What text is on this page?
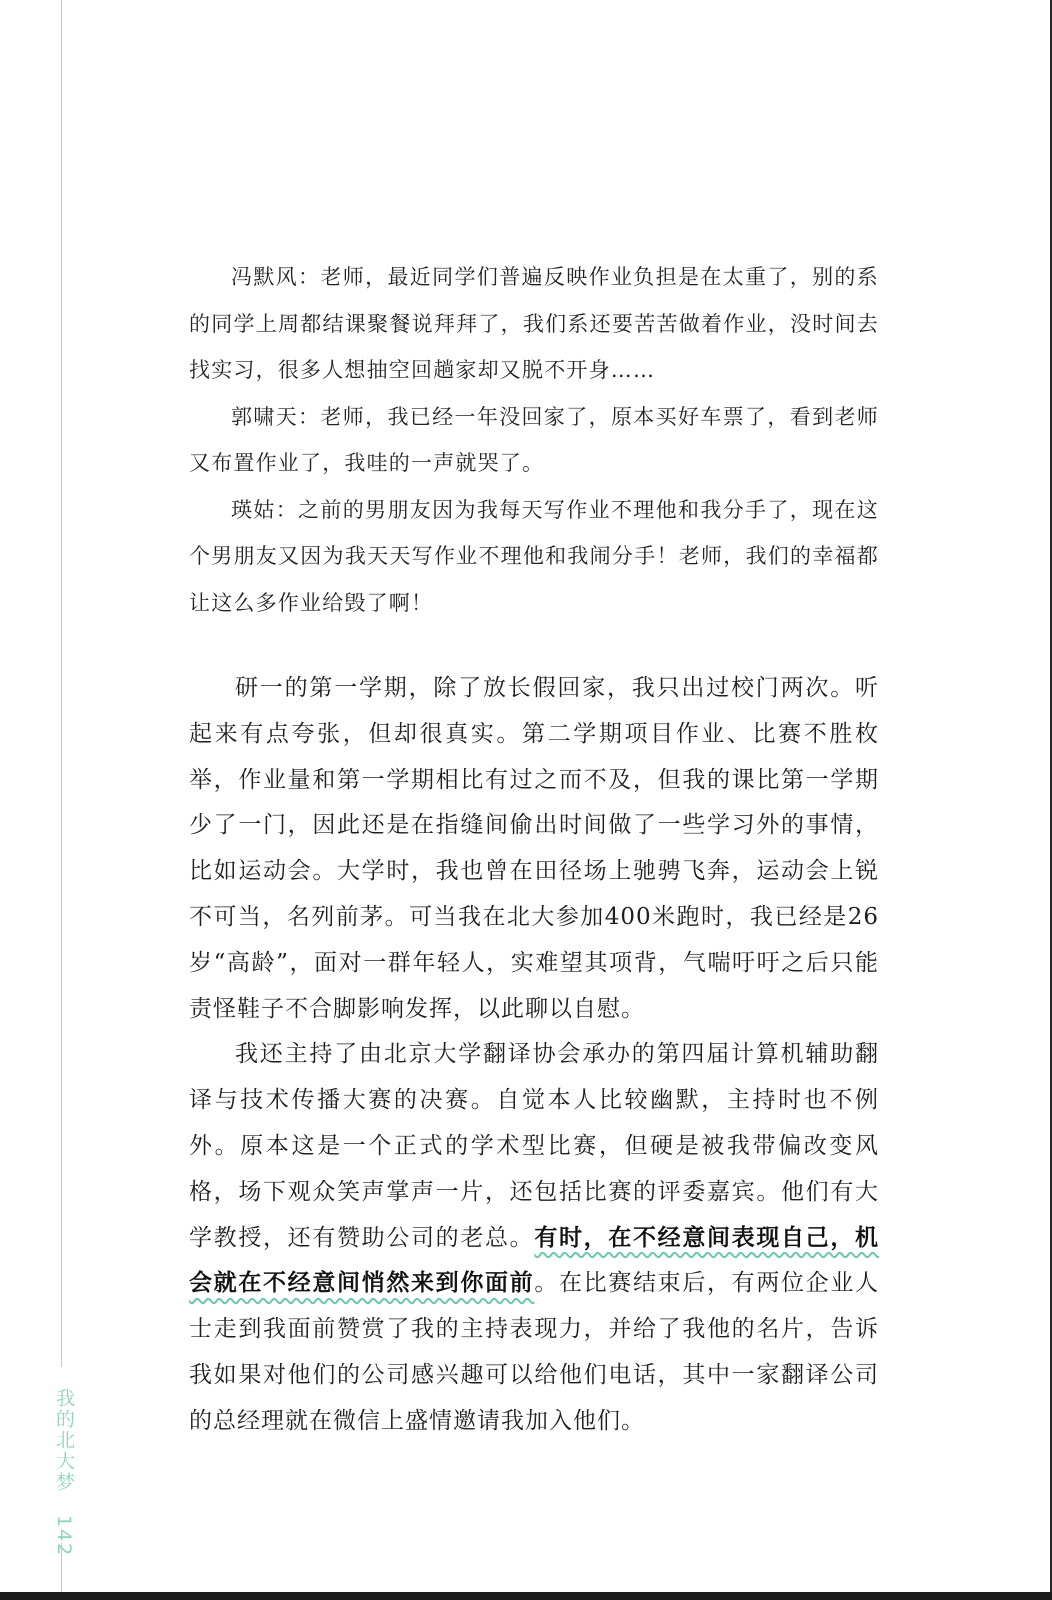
我的北大梦 142

冯默风：老师，最近同学们普遍反映作业负担是在太重了，别的系的同学上周都结课聚餐说拜拜了，我们系还要苦苦做着作业，没时间去找实习，很多人想抽空回趟家却又脱不开身……

郭啸天：老师，我已经一年没回家了，原本买好车票了，看到老师又布置作业了，我哇的一声就哭了。

瑛姑：之前的男朋友因为我每天写作业不理他和我分手了，现在这个男朋友又因为我天天写作业不理他和我闹分手！老师，我们的幸福都让这么多作业给毁了啊！

研一的第一学期，除了放长假回家，我只出过校门两次。听起来有点夸张，但却很真实。第二学期项目作业、比赛不胜枚举，作业量和第一学期相比有过之而不及，但我的课比第一学期少了一门，因此还是在指缝间偷出时间做了一些学习外的事情，比如运动会。大学时，我也曾在田径场上驰骋飞奔，运动会上锐不可当，名列前茅。可当我在北大参加400米跑时，我已经是26岁“高龄”，面对一群年轻人，实难望其项背，气喘吁吁之后只能责怪鞋子不合脚影响发挥，以此聊以自慰。

我还主持了由北京大学翻译协会承办的第四届计算机辅助翻译与技术传播大赛的决赛。自觉本人比较幽默，主持时也不例外。原本这是一个正式的学术型比赛，但硬是被我带偏改变风格，场下观众笑声掌声一片，还包括比赛的评委嘉宾。他们有大学教授，还有赞助公司的老总。有时，在不经意间表现自己，机会就在不经意间悄然来到你面前。在比赛结束后，有两位企业人士走到我面前赞赏了我的主持表现力，并给了我他的名片，告诉我如果对他们的公司感兴趣可以给他们电话，其中一家翻译公司的总经理就在微信上盛情邀请我加入他们。
